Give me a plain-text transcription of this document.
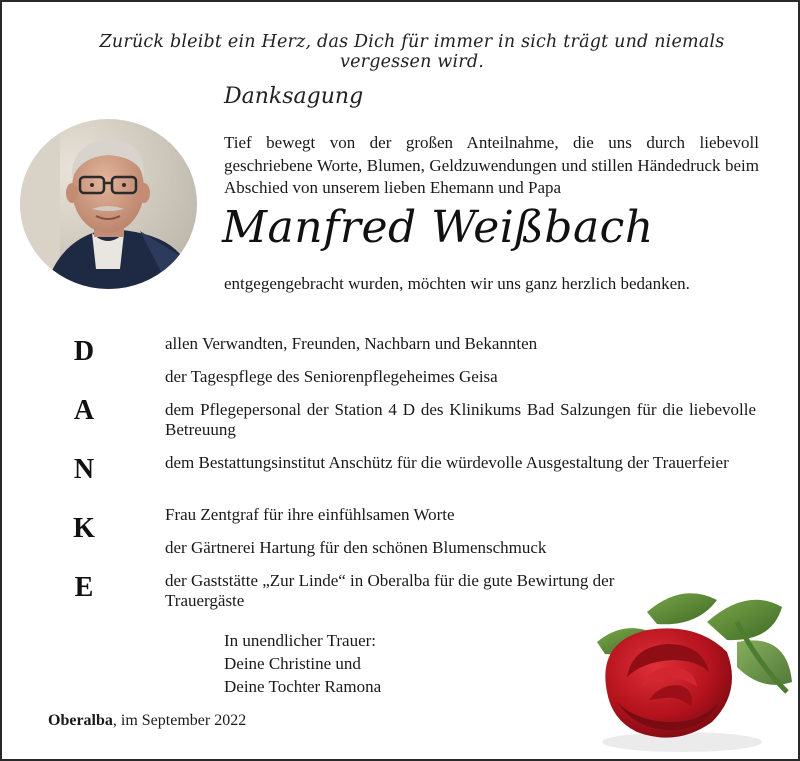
Zurück bleibt ein Herz, das Dich für immer in sich trägt und niemals vergessen wird.
Danksagung
Tief bewegt von der großen Anteilnahme, die uns durch liebevoll geschriebene Worte, Blumen, Geldzuwendungen und stillen Händedruck beim Abschied von unserem lieben Ehemann und Papa
Manfred Weißbach
entgegengebracht wurden, möchten wir uns ganz herzlich bedanken.
D
A
N
K
E
allen Verwandten, Freunden, Nachbarn und Bekannten
der Tagespflege des Seniorenpflegeheimes Geisa
dem Pflegepersonal der Station 4 D des Klinikums Bad Salzungen für die liebevolle Betreuung
dem Bestattungsinstitut Anschütz für die würdevolle Ausgestaltung der Trauerfeier
Frau Zentgraf für ihre einfühlsamen Worte
der Gärtnerei Hartung für den schönen Blumenschmuck
der Gaststätte „Zur Linde“ in Oberalba für die gute Bewirtung der Trauergäste
In unendlicher Trauer:
Deine Christine und
Deine Tochter Ramona
Oberalba, im September 2022
